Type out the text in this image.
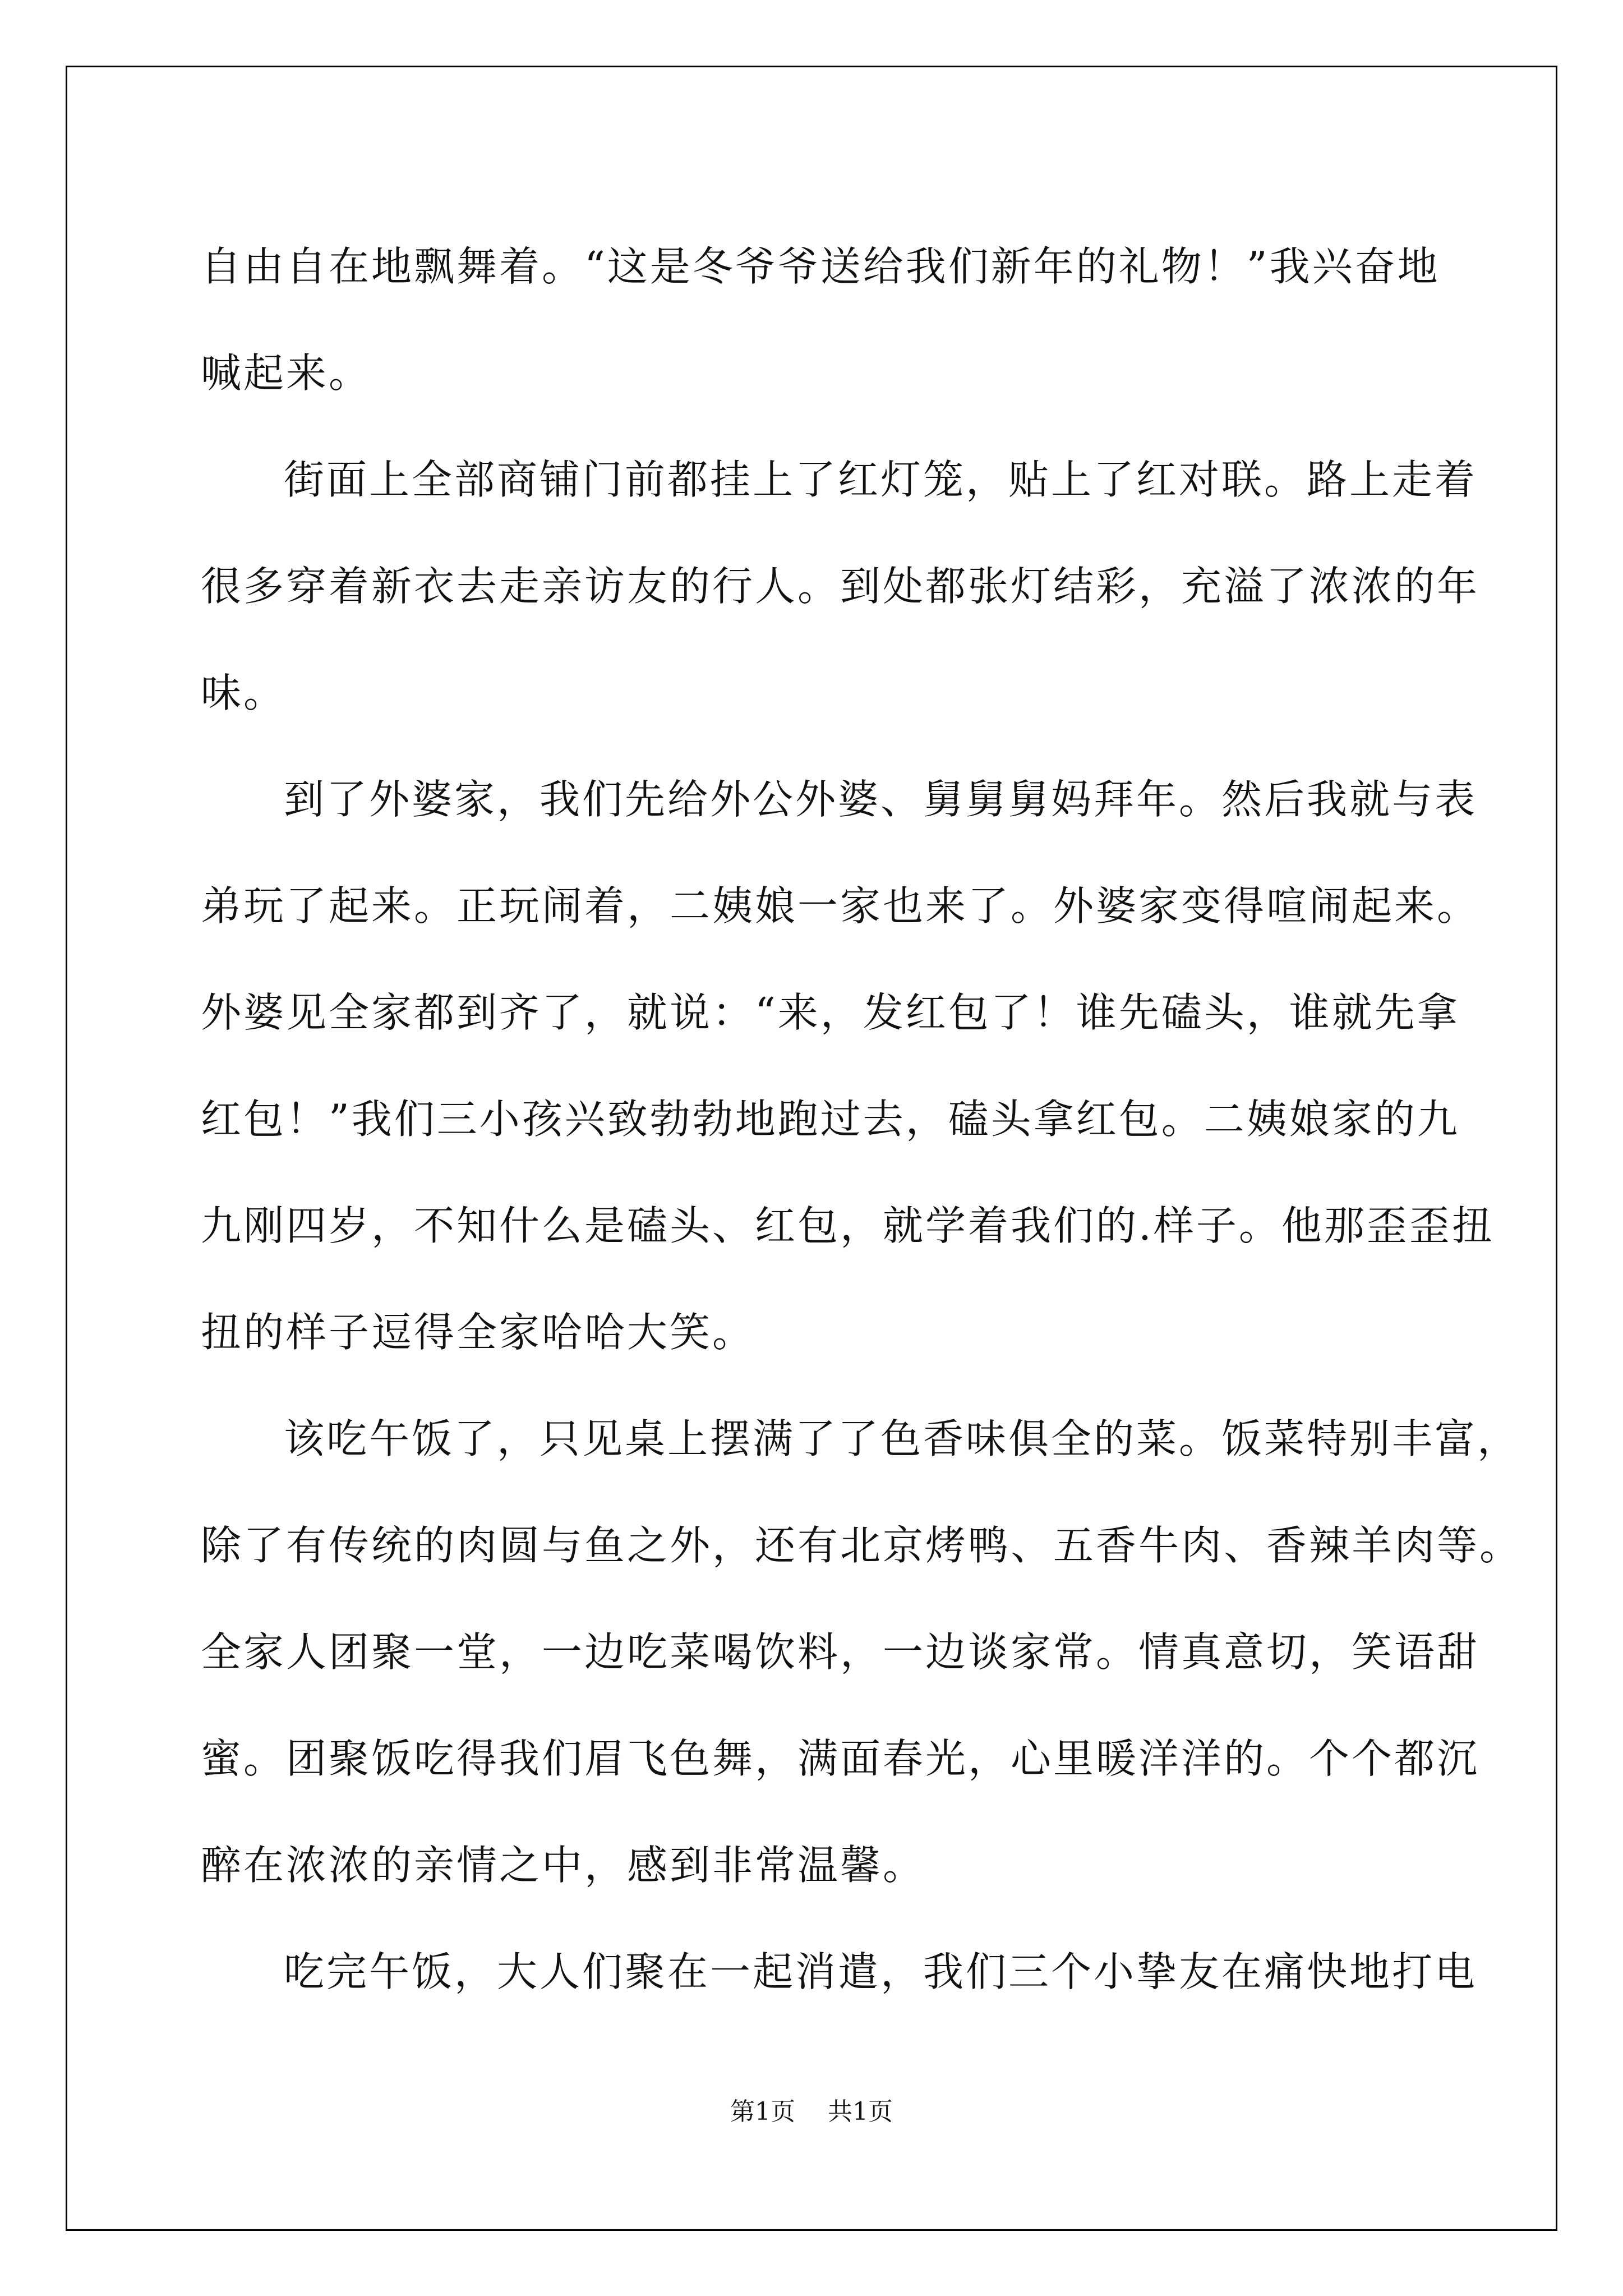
自由自在地飘舞着。“这是冬爷爷送给我们新年的礼物！”我兴奋地
喊起来。
街面上全部商铺门前都挂上了红灯笼，贴上了红对联。路上走着
很多穿着新衣去走亲访友的行人。到处都张灯结彩，充溢了浓浓的年
味。
到了外婆家，我们先给外公外婆、舅舅舅妈拜年。然后我就与表
弟玩了起来。正玩闹着，二姨娘一家也来了。外婆家变得喧闹起来。
外婆见全家都到齐了，就说：“来，发红包了！谁先磕头，谁就先拿
红包！”我们三小孩兴致勃勃地跑过去，磕头拿红包。二姨娘家的九
九刚四岁，不知什么是磕头、红包，就学着我们的.样子。他那歪歪扭
扭的样子逗得全家哈哈大笑。
该吃午饭了，只见桌上摆满了了色香味俱全的菜。饭菜特别丰富，
除了有传统的肉圆与鱼之外，还有北京烤鸭、五香牛肉、香辣羊肉等。
全家人团聚一堂，一边吃菜喝饮料，一边谈家常。情真意切，笑语甜
蜜。团聚饭吃得我们眉飞色舞，满面春光，心里暖洋洋的。个个都沉
醉在浓浓的亲情之中，感到非常温馨。
吃完午饭，大人们聚在一起消遣，我们三个小挚友在痛快地打电
第1页 共1页
